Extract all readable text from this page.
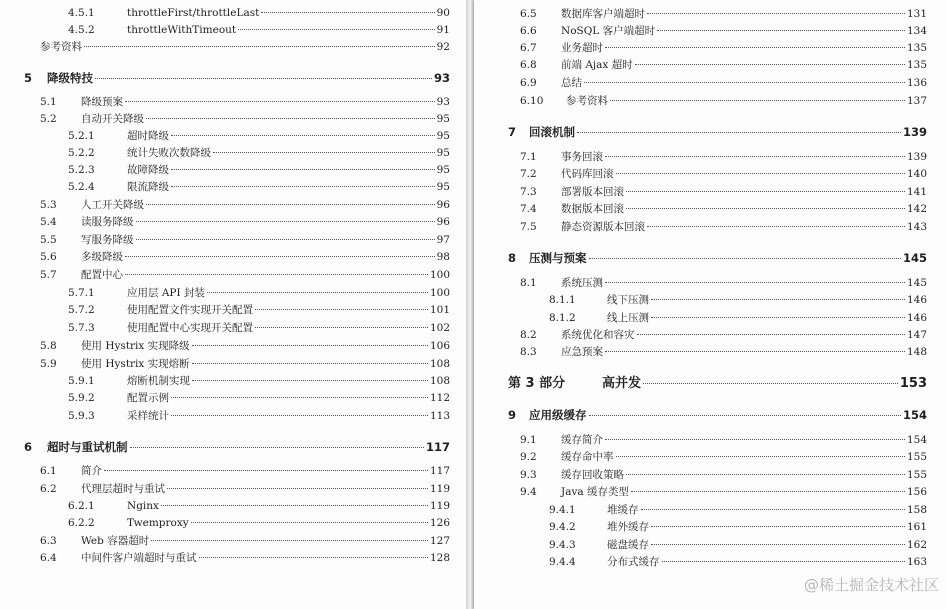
4.5.1	throttleFirst/throttleLast	90
4.5.2	throttleWithTimeout	91
参考资料	92
5	降级特技	93
5.1	降级预案	93
5.2	自动开关降级	95
5.2.1	超时降级	95
5.2.2	统计失败次数降级	95
5.2.3	故障降级	95
5.2.4	限流降级	95
5.3	人工开关降级	96
5.4	读服务降级	96
5.5	写服务降级	97
5.6	多级降级	98
5.7	配置中心	100
5.7.1	应用层 API 封装	100
5.7.2	使用配置文件实现开关配置	101
5.7.3	使用配置中心实现开关配置	102
5.8	使用 Hystrix 实现降级	106
5.9	使用 Hystrix 实现熔断	108
5.9.1	熔断机制实现	108
5.9.2	配置示例	112
5.9.3	采样统计	113
6	超时与重试机制	117
6.1	简介	117
6.2	代理层超时与重试	119
6.2.1	Nginx	119
6.2.2	Twemproxy	126
6.3	Web 容器超时	127
6.4	中间件客户端超时与重试	128
6.5	数据库客户端超时	131
6.6	NoSQL 客户端超时	134
6.7	业务超时	135
6.8	前端 Ajax 超时	135
6.9	总结	136
6.10	参考资料	137
7	回滚机制	139
7.1	事务回滚	139
7.2	代码库回滚	140
7.3	部署版本回滚	141
7.4	数据版本回滚	142
7.5	静态资源版本回滚	143
8	压测与预案	145
8.1	系统压测	145
8.1.1	线下压测	146
8.1.2	线上压测	146
8.2	系统优化和容灾	147
8.3	应急预案	148
第 3 部分	高并发	153
9	应用级缓存	154
9.1	缓存简介	154
9.2	缓存命中率	155
9.3	缓存回收策略	155
9.4	Java 缓存类型	156
9.4.1	堆缓存	158
9.4.2	堆外缓存	161
9.4.3	磁盘缓存	162
9.4.4	分布式缓存	163
@稀土掘金技术社区
